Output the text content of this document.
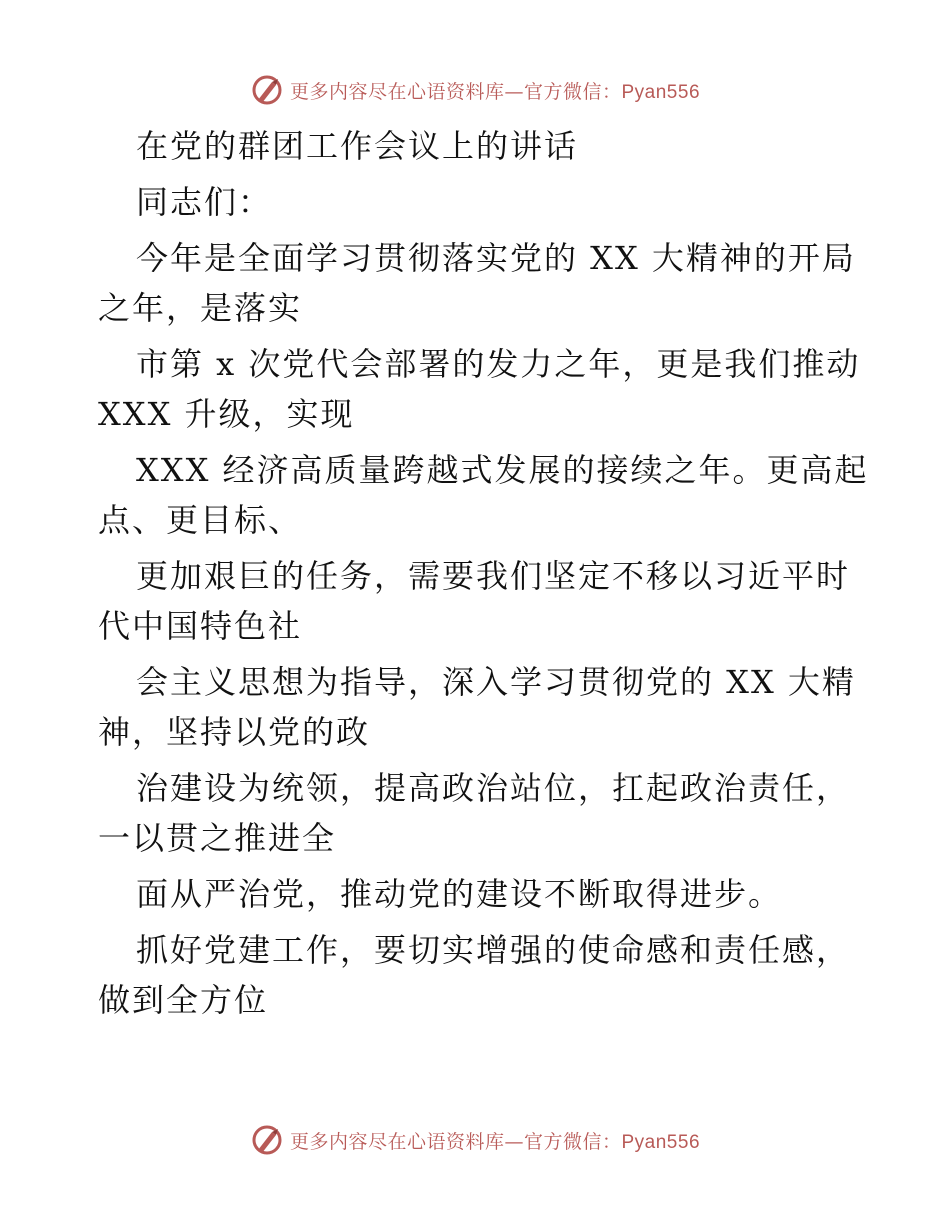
更多内容尽在心语资料库—官方微信：Pyan556

在党的群团工作会议上的讲话

同志们：

今年是全面学习贯彻落实党的 XX 大精神的开局

之年，是落实

市第 x 次党代会部署的发力之年，更是我们推动

XXX 升级，实现

XXX 经济高质量跨越式发展的接续之年。更高起

点、更目标、

更加艰巨的任务，需要我们坚定不移以习近平时

代中国特色社

会主义思想为指导，深入学习贯彻党的 XX 大精

神，坚持以党的政

治建设为统领，提高政治站位，扛起政治责任，

一以贯之推进全

面从严治党，推动党的建设不断取得进步。

抓好党建工作，要切实增强的使命感和责任感，

做到全方位

更多内容尽在心语资料库—官方微信：Pyan556
